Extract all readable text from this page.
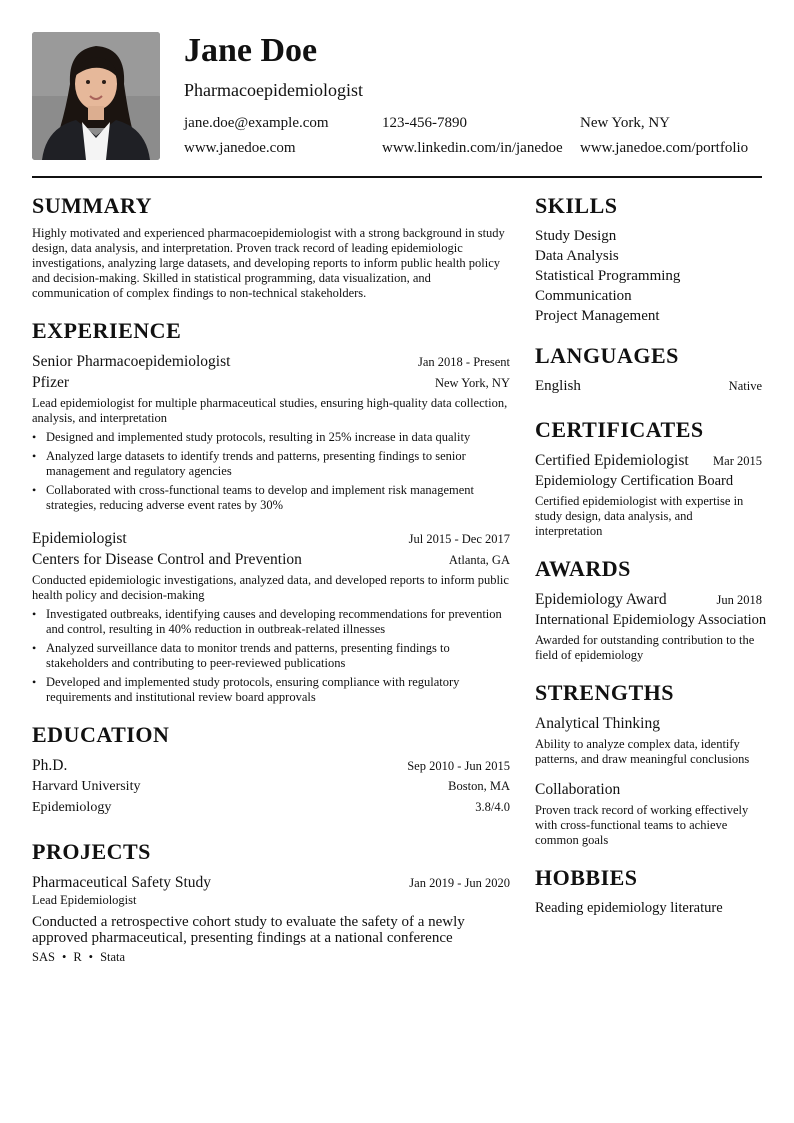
Jane Doe
Pharmacoepidemiologist
jane.doe@example.com	123-456-7890	New York, NY
www.janedoe.com	www.linkedin.com/in/janedoe	www.janedoe.com/portfolio
SUMMARY
Highly motivated and experienced pharmacoepidemiologist with a strong background in study design, data analysis, and interpretation. Proven track record of leading epidemiologic investigations, analyzing large datasets, and developing reports to inform public health policy and decision-making. Skilled in statistical programming, data visualization, and communication of complex findings to non-technical stakeholders.
EXPERIENCE
Senior Pharmacoepidemiologist	Jan 2018 - Present
Pfizer	New York, NY
Lead epidemiologist for multiple pharmaceutical studies, ensuring high-quality data collection, analysis, and interpretation
• Designed and implemented study protocols, resulting in 25% increase in data quality
• Analyzed large datasets to identify trends and patterns, presenting findings to senior management and regulatory agencies
• Collaborated with cross-functional teams to develop and implement risk management strategies, reducing adverse event rates by 30%
Epidemiologist	Jul 2015 - Dec 2017
Centers for Disease Control and Prevention	Atlanta, GA
Conducted epidemiologic investigations, analyzed data, and developed reports to inform public health policy and decision-making
• Investigated outbreaks, identifying causes and developing recommendations for prevention and control, resulting in 40% reduction in outbreak-related illnesses
• Analyzed surveillance data to monitor trends and patterns, presenting findings to stakeholders and contributing to peer-reviewed publications
• Developed and implemented study protocols, ensuring compliance with regulatory requirements and institutional review board approvals
EDUCATION
Ph.D.	Sep 2010 - Jun 2015
Harvard University	Boston, MA
Epidemiology	3.8/4.0
PROJECTS
Pharmaceutical Safety Study	Jan 2019 - Jun 2020
Lead Epidemiologist
Conducted a retrospective cohort study to evaluate the safety of a newly approved pharmaceutical, presenting findings at a national conference
SAS • R • Stata
SKILLS
Study Design
Data Analysis
Statistical Programming
Communication
Project Management
LANGUAGES
English	Native
CERTIFICATES
Certified Epidemiologist Mar 2015
Epidemiology Certification Board
Certified epidemiologist with expertise in study design, data analysis, and interpretation
AWARDS
Epidemiology Award	Jun 2018
International Epidemiology Association
Awarded for outstanding contribution to the field of epidemiology
STRENGTHS
Analytical Thinking
Ability to analyze complex data, identify patterns, and draw meaningful conclusions
Collaboration
Proven track record of working effectively with cross-functional teams to achieve common goals
HOBBIES
Reading epidemiology literature
